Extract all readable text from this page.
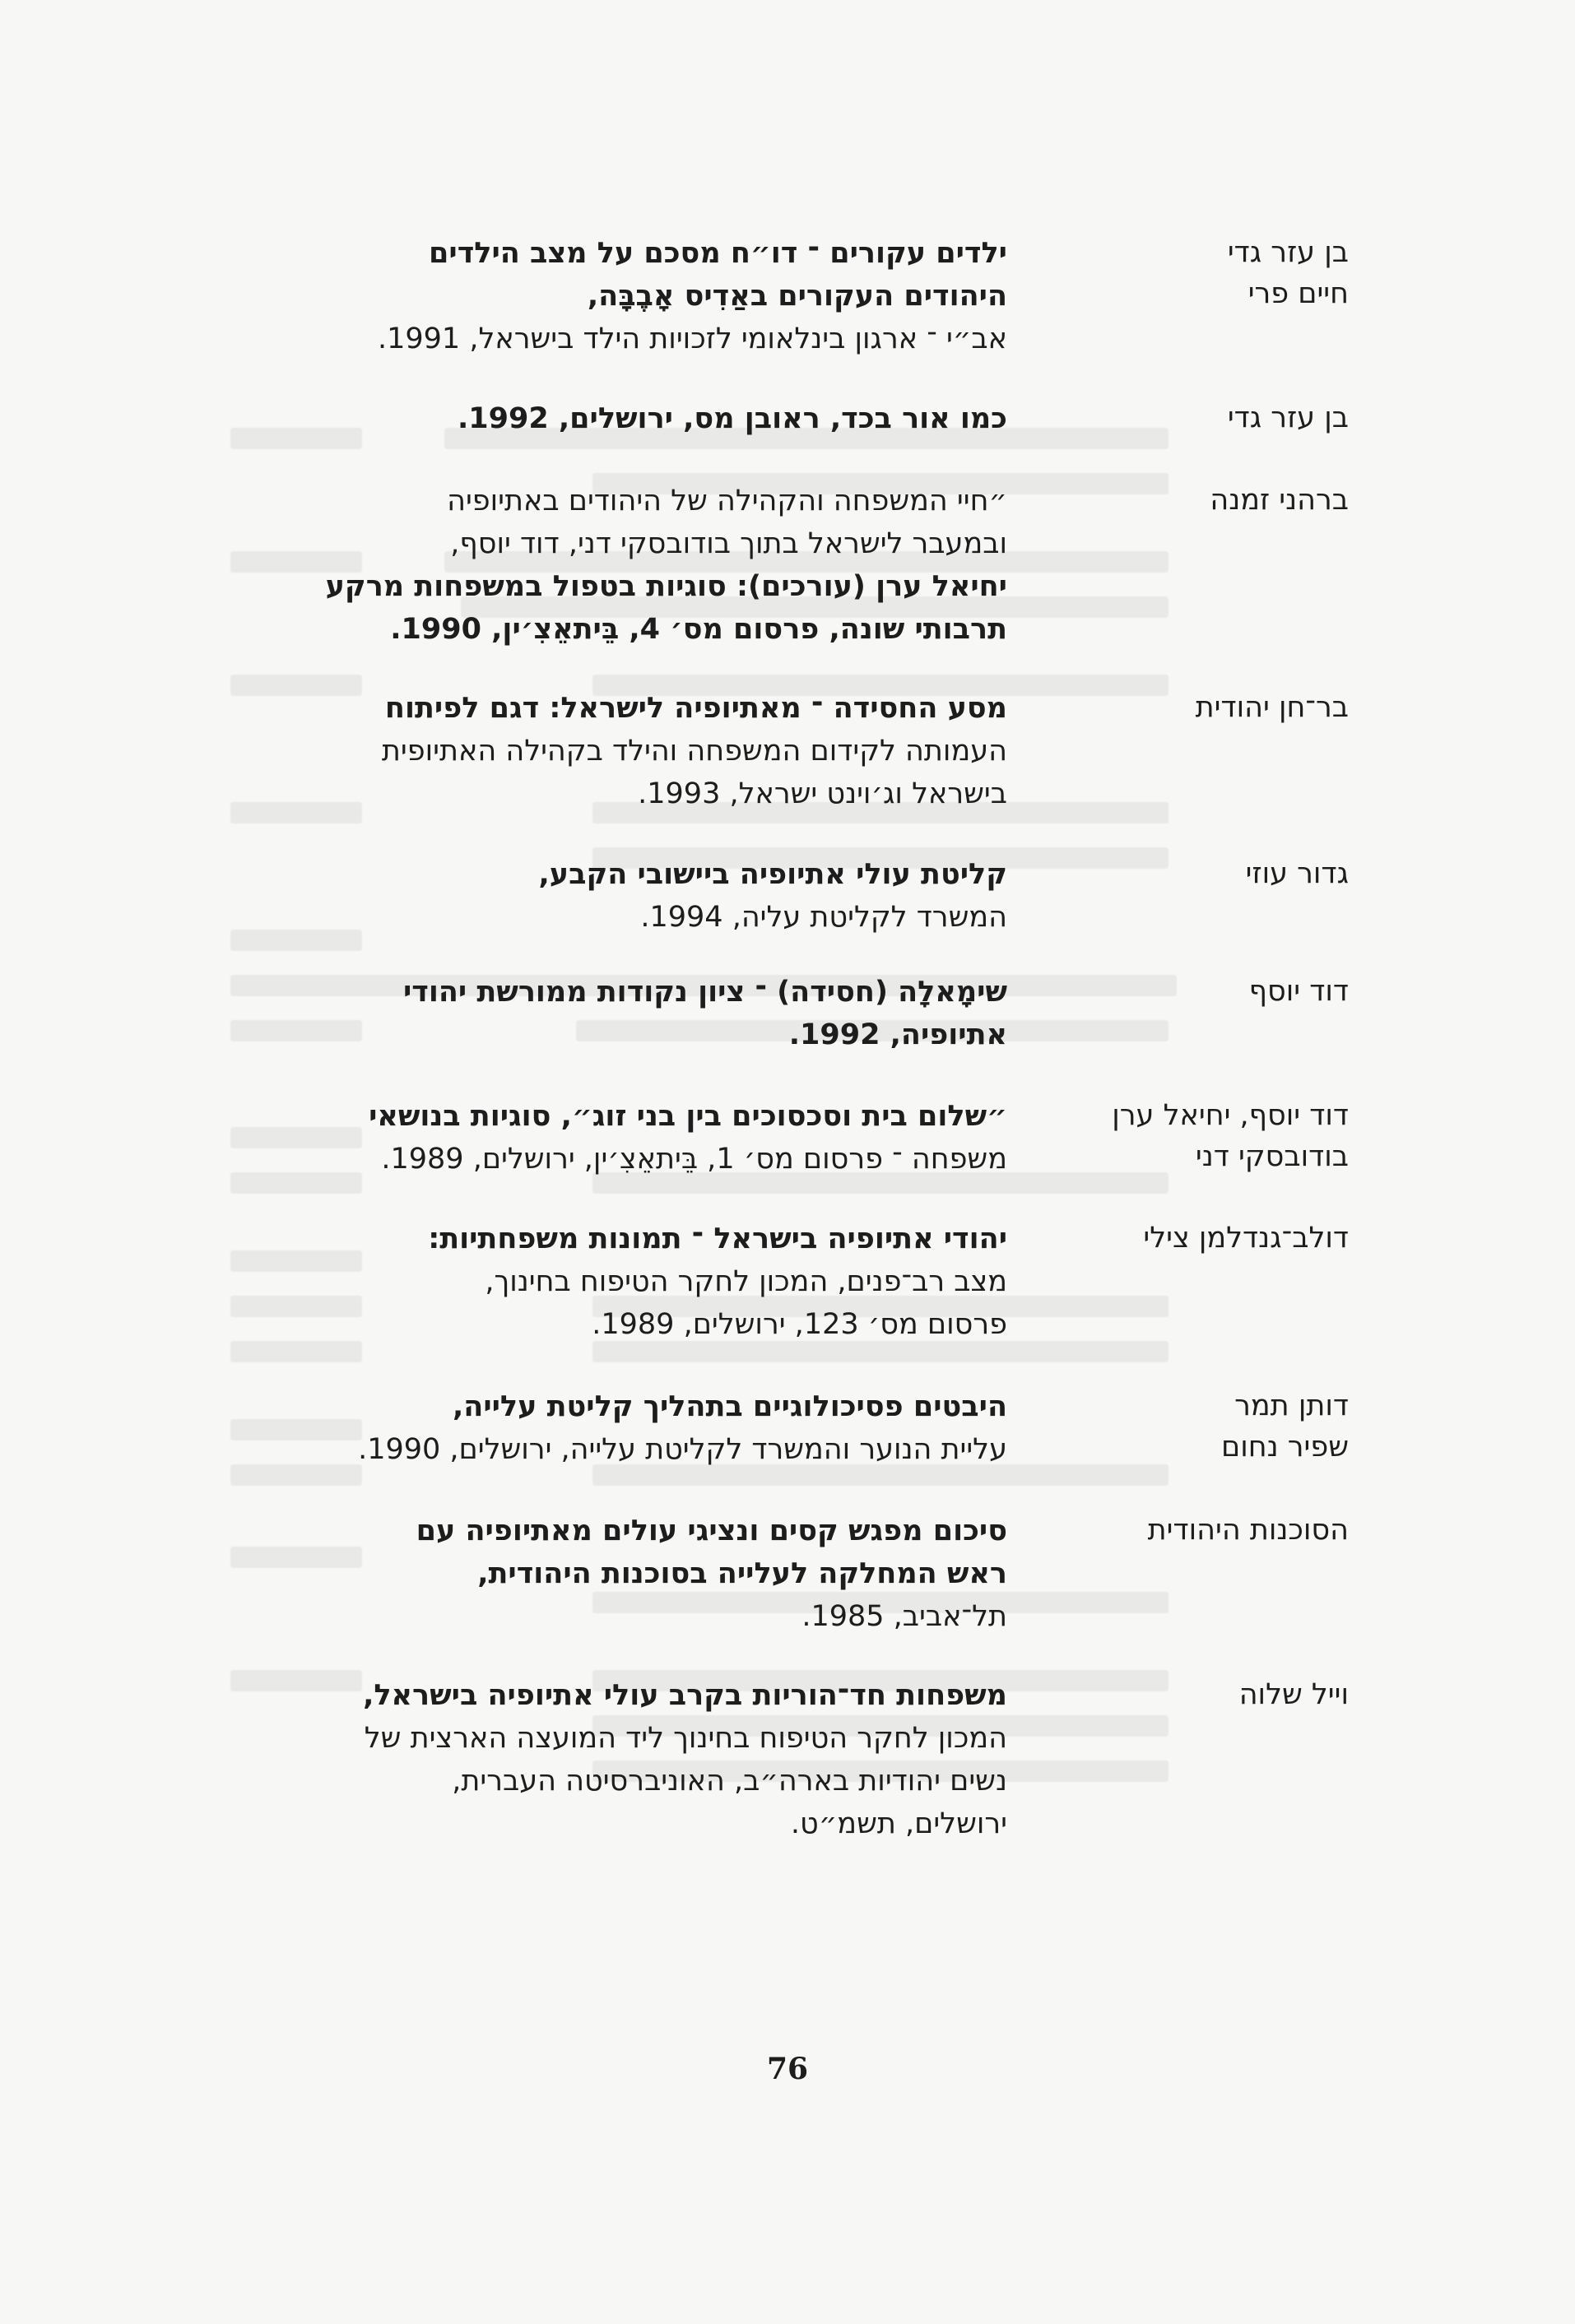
בן עזר גדי
חיים פרי
ילדים עקורים ־ דו״ח מסכם על מצב הילדים
היהודים העקורים באַדִיס אָבֶבָּה,
אב״י ־ ארגון בינלאומי לזכויות הילד בישראל, 1991.
בן עזר גדי
כמו אור בכד, ראובן מס, ירושלים, 1992.
ברהני זמנה
״חיי המשפחה והקהילה של היהודים באתיופיה
ובמעבר לישראל בתוך בודובסקי דני, דוד יוסף,
יחיאל ערן (עורכים): סוגיות בטפול במשפחות מרקע
תרבותי שונה, פרסום מס׳ 4, בֵּיתאֵצִ׳ין, 1990.
בר־חן יהודית
מסע החסידה ־ מאתיופיה לישראל: דגם לפיתוח
העמותה לקידום המשפחה והילד בקהילה האתיופית
בישראל וג׳וינט ישראל, 1993.
גדור עוזי
קליטת עולי אתיופיה ביישובי הקבע,
המשרד לקליטת עליה, 1994.
דוד יוסף
שימָאלָה (חסידה) ־ ציון נקודות ממורשת יהודי
אתיופיה, 1992.
דוד יוסף, יחיאל ערן
בודובסקי דני
״שלום בית וסכסוכים בין בני זוג״, סוגיות בנושאי
משפחה ־ פרסום מס׳ 1, בֵּיתאֵצִ׳ין, ירושלים, 1989.
דולב־גנדלמן צילי
יהודי אתיופיה בישראל ־ תמונות משפחתיות:
מצב רב־פנים, המכון לחקר הטיפוח בחינוך,
פרסום מס׳ 123, ירושלים, 1989.
דותן תמר
שפיר נחום
היבטים פסיכולוגיים בתהליך קליטת עלייה,
עליית הנוער והמשרד לקליטת עלייה, ירושלים, 1990.
הסוכנות היהודית
סיכום מפגש קסים ונציגי עולים מאתיופיה עם
ראש המחלקה לעלייה בסוכנות היהודית,
תל־אביב, 1985.
וייל שלוה
משפחות חד־הוריות בקרב עולי אתיופיה בישראל,
המכון לחקר הטיפוח בחינוך ליד המועצה הארצית של
נשים יהודיות בארה״ב, האוניברסיטה העברית,
ירושלים, תשמ״ט.
76
